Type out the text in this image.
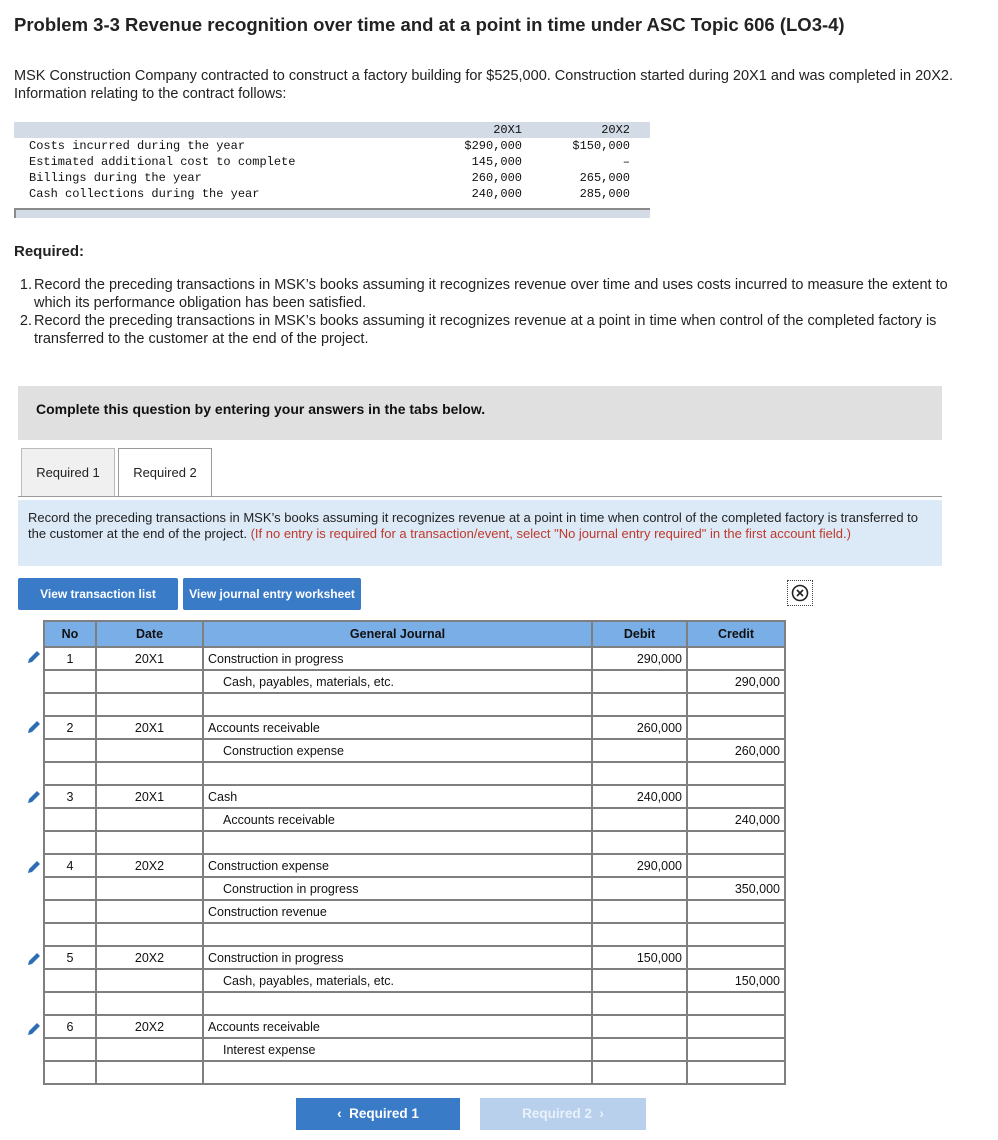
Problem 3-3 Revenue recognition over time and at a point in time under ASC Topic 606 (LO3-4)
MSK Construction Company contracted to construct a factory building for $525,000. Construction started during 20X1 and was completed in 20X2. Information relating to the contract follows:
20X1	20X2
Costs incurred during the year	$290,000	$150,000
Estimated additional cost to complete	145,000	–
Billings during the year	260,000	265,000
Cash collections during the year	240,000	285,000
Required:
1. Record the preceding transactions in MSK’s books assuming it recognizes revenue over time and uses costs incurred to measure the extent to which its performance obligation has been satisfied.
2. Record the preceding transactions in MSK’s books assuming it recognizes revenue at a point in time when control of the completed factory is transferred to the customer at the end of the project.
Complete this question by entering your answers in the tabs below.
Required 1	Required 2
Record the preceding transactions in MSK’s books assuming it recognizes revenue at a point in time when control of the completed factory is transferred to the customer at the end of the project. (If no entry is required for a transaction/event, select "No journal entry required" in the first account field.)
View transaction list	View journal entry worksheet
No	Date	General Journal	Debit	Credit
1	20X1	Construction in progress	290,000	
		Cash, payables, materials, etc.		290,000

2	20X1	Accounts receivable	260,000	
		Construction expense		260,000

3	20X1	Cash	240,000	
		Accounts receivable		240,000

4	20X2	Construction expense	290,000	
		Construction in progress		350,000
		Construction revenue		

5	20X2	Construction in progress	150,000	
		Cash, payables, materials, etc.		150,000

6	20X2	Accounts receivable		
		Interest expense		

‹ Required 1	Required 2 ›
